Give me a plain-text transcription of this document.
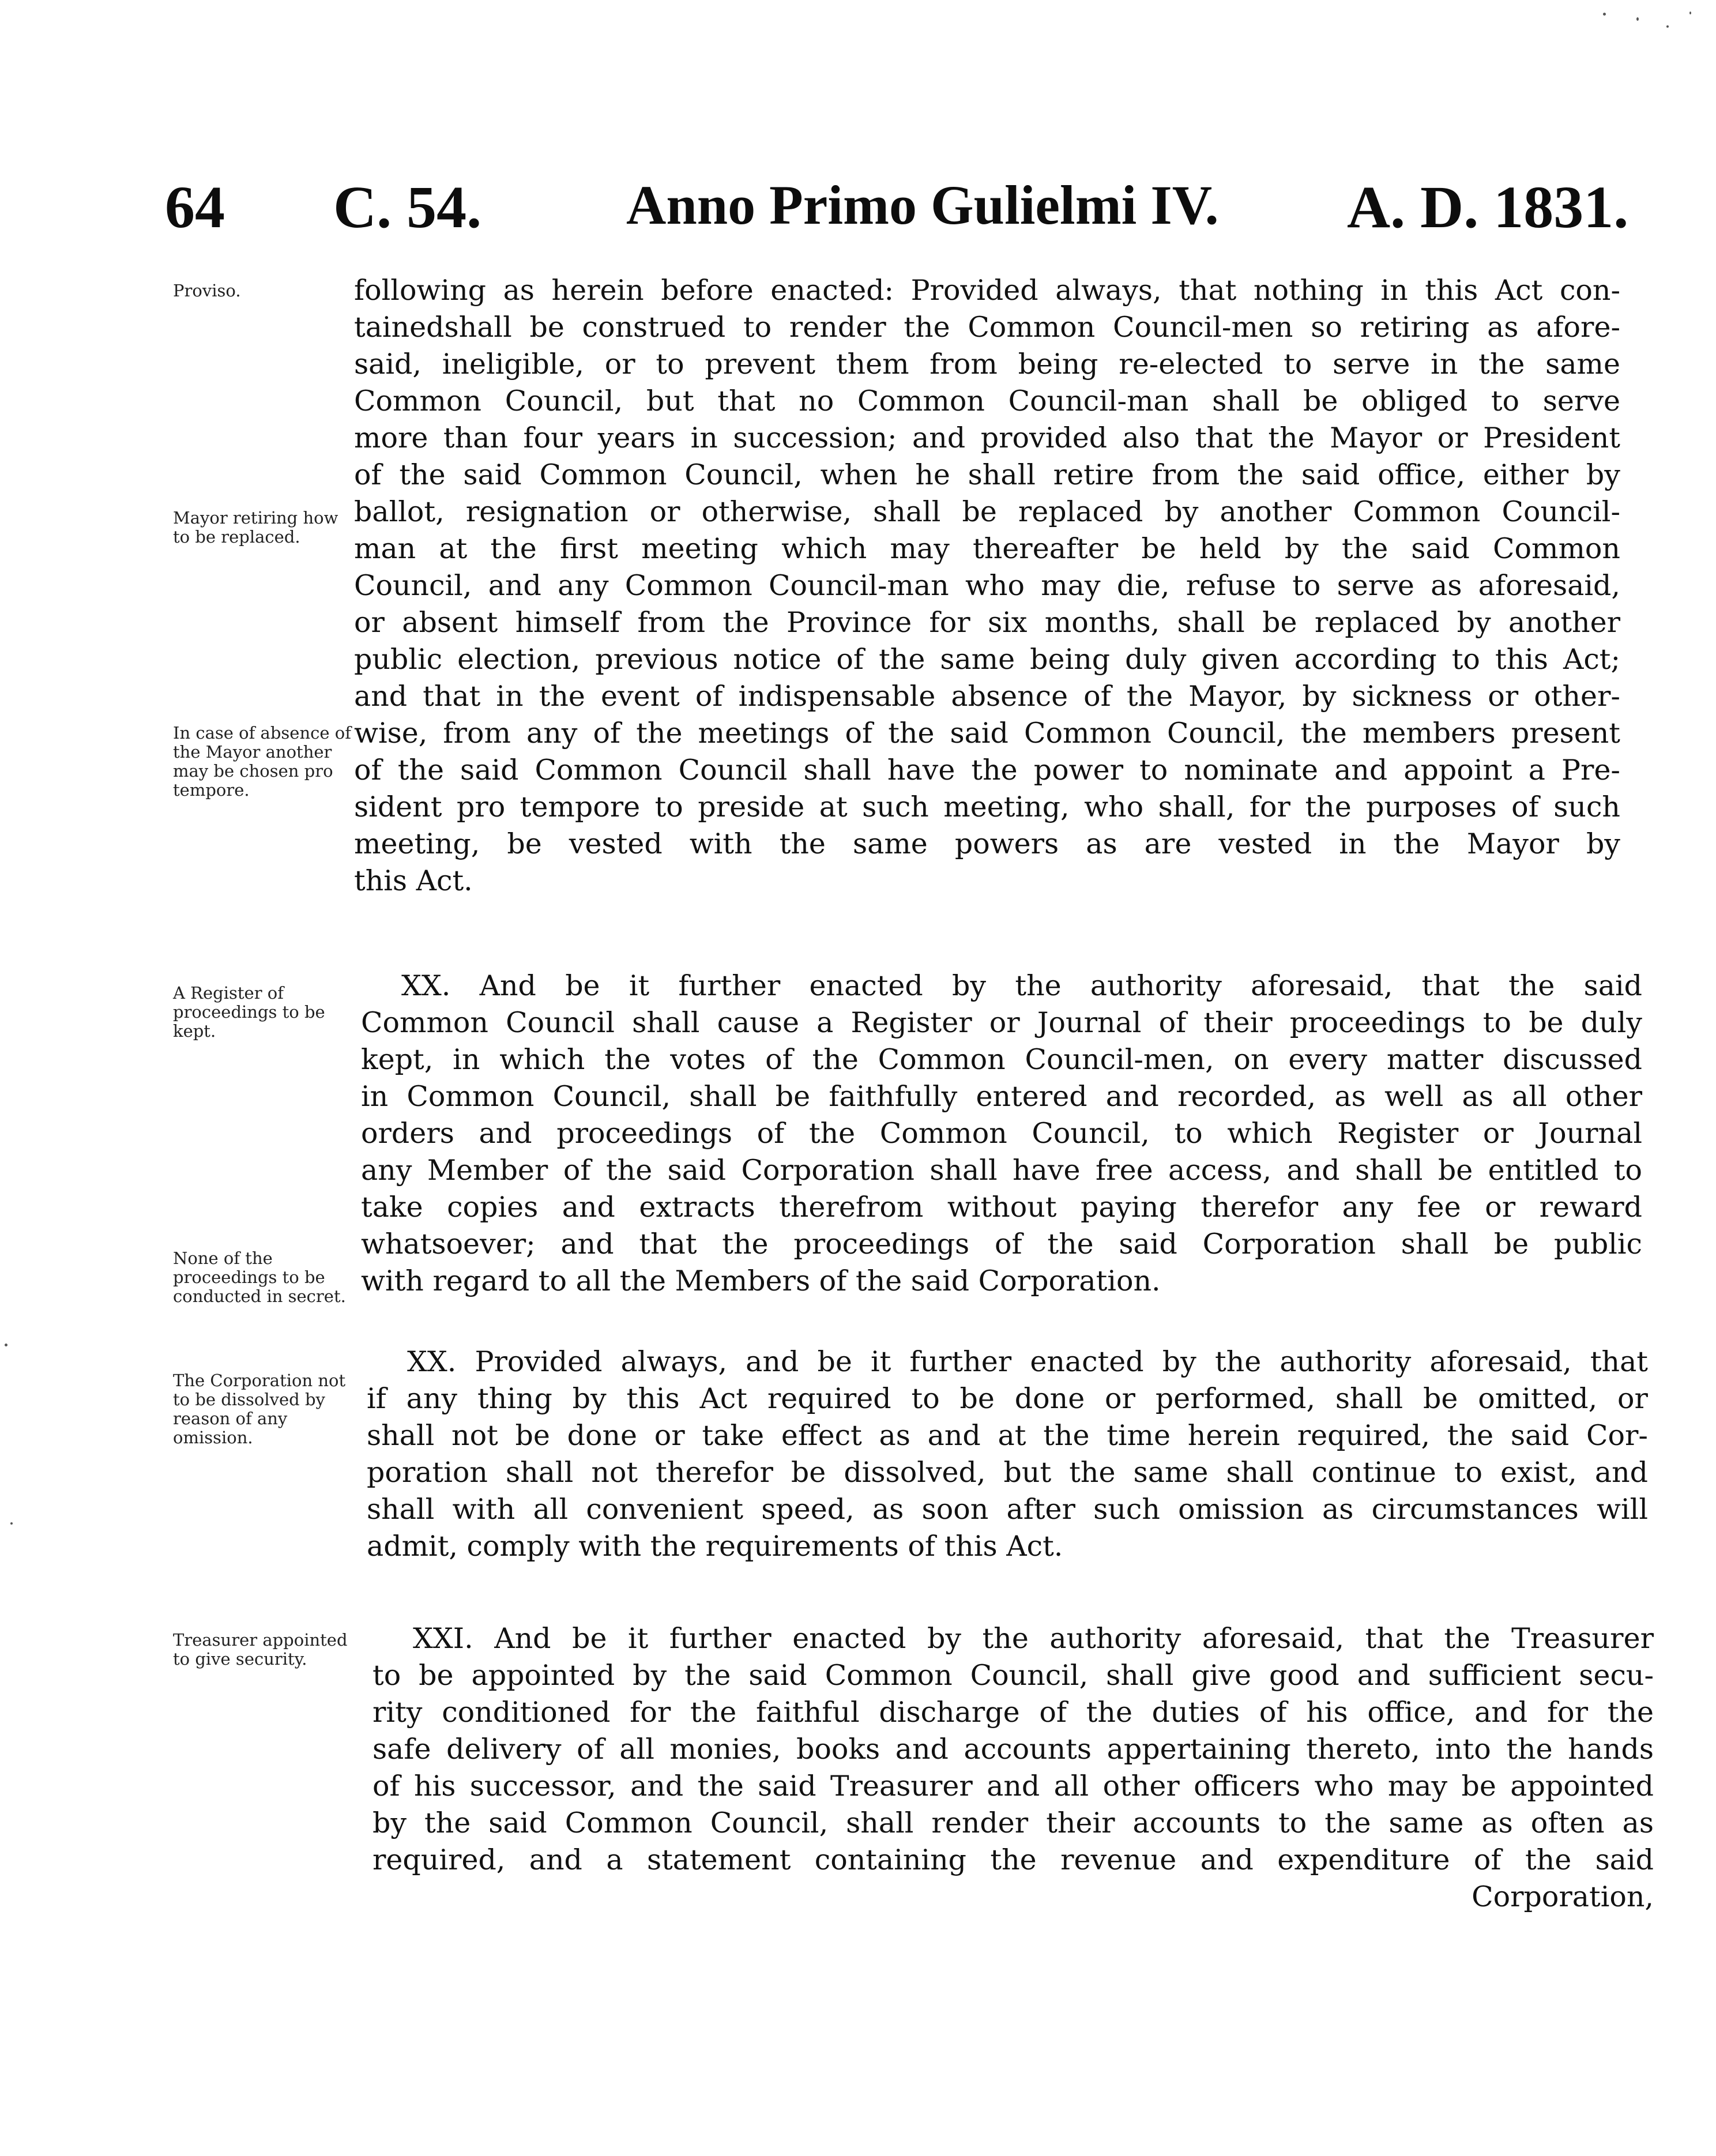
64 C. 54.	Anno Primo Gulielmi IV. A. D. 1831.
Proviso.
Mayor retiring how to be replaced.
In case of absence of the Mayor another may be chosen pro tempore.
A Register of proceedings to be kept.
None of the proceedings to be conducted in secret.
The Corporation not to be dissolved by reason of any omission.
Treasurer appointed to give security.
following as herein before enacted: Provided always, that nothing in this Act con-
tainedshall be construed to render the Common Council-men so retiring as afore-
said, ineligible, or to prevent them from being re-elected to serve in the same
Common Council, but that no Common Council-man shall be obliged to serve
more than four years in succession; and provided also that the Mayor or President
of the said Common Council, when he shall retire from the said office, either by
ballot, resignation or otherwise, shall be replaced by another Common Council-
man at the first meeting which may thereafter be held by the said Common
Council, and any Common Council-man who may die, refuse to serve as aforesaid,
or absent himself from the Province for six months, shall be replaced by another
public election, previous notice of the same being duly given according to this Act;
and that in the event of indispensable absence of the Mayor, by sickness or other-
wise, from any of the meetings of the said Common Council, the members present
of the said Common Council shall have the power to nominate and appoint a Pre-
sident pro tempore to preside at such meeting, who shall, for the purposes of such
meeting, be vested with the same powers as are vested in the Mayor by
this Act.
XX. And be it further enacted by the authority aforesaid, that the said
Common Council shall cause a Register or Journal of their proceedings to be duly
kept, in which the votes of the Common Council-men, on every matter discussed
in Common Council, shall be faithfully entered and recorded, as well as all other
orders and proceedings of the Common Council, to which Register or Journal
any Member of the said Corporation shall have free access, and shall be entitled to
take copies and extracts therefrom without paying therefor any fee or reward
whatsoever; and that the proceedings of the said Corporation shall be public
with regard to all the Members of the said Corporation.
XX. Provided always, and be it further enacted by the authority aforesaid, that
if any thing by this Act required to be done or performed, shall be omitted, or
shall not be done or take effect as and at the time herein required, the said Cor-
poration shall not therefor be dissolved, but the same shall continue to exist, and
shall with all convenient speed, as soon after such omission as circumstances will
admit, comply with the requirements of this Act.
XXI. And be it further enacted by the authority aforesaid, that the Treasurer
to be appointed by the said Common Council, shall give good and sufficient secu-
rity conditioned for the faithful discharge of the duties of his office, and for the
safe delivery of all monies, books and accounts appertaining thereto, into the hands
of his successor, and the said Treasurer and all other officers who may be appointed
by the said Common Council, shall render their accounts to the same as often as
required, and a statement containing the revenue and expenditure of the said
Corporation,
